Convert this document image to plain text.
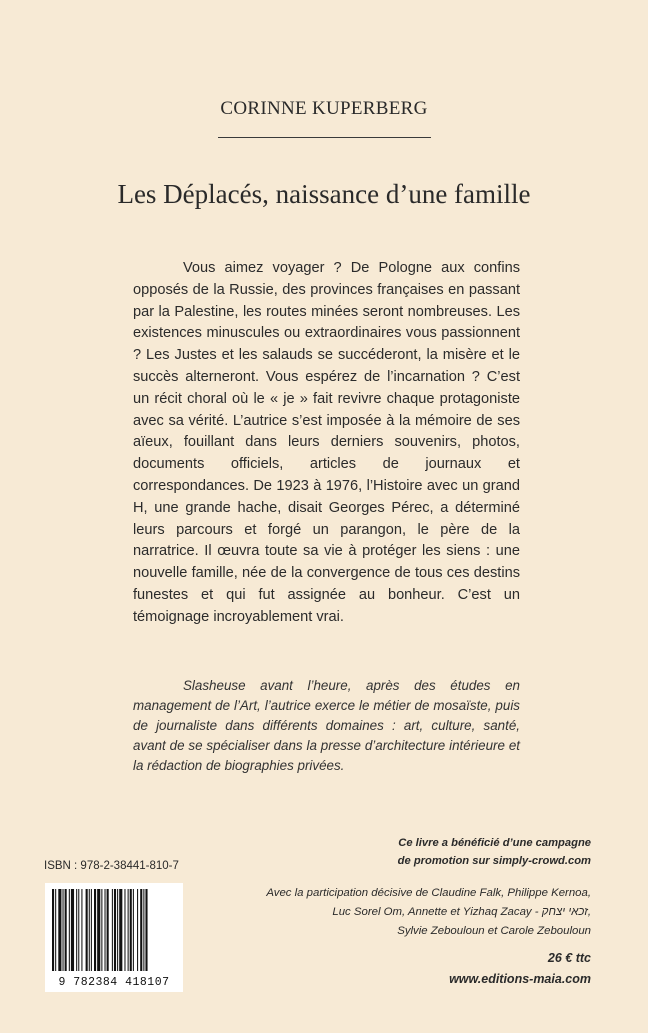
CORINNE KUPERBERG
Les Déplacés, naissance d’une famille

Vous aimez voyager ? De Pologne aux confins opposés de la Russie, des provinces françaises en passant par la Palestine, les routes minées seront nombreuses. Les existences minuscules ou extraordinaires vous passionnent ? Les Justes et les salauds se succéderont, la misère et le succès alterneront. Vous espérez de l’incarnation ? C’est un récit choral où le « je » fait revivre chaque protagoniste avec sa vérité. L’autrice s’est imposée à la mémoire de ses aïeux, fouillant dans leurs derniers souvenirs, photos, documents officiels, articles de journaux et correspondances. De 1923 à 1976, l’Histoire avec un grand H, une grande hache, disait Georges Pérec, a déterminé leurs parcours et forgé un parangon, le père de la narratrice. Il œuvra toute sa vie à protéger les siens : une nouvelle famille, née de la convergence de tous ces destins funestes et qui fut assignée au bonheur. C’est un témoignage incroyablement vrai.

Slasheuse avant l’heure, après des études en management de l’Art, l’autrice exerce le métier de mosaïste, puis de journaliste dans différents domaines : art, culture, santé, avant de se spécialiser dans la presse d’architecture intérieure et la rédaction de biographies privées.

Ce livre a bénéficié d’une campagne
de promotion sur simply-crowd.com
Avec la participation décisive de Claudine Falk, Philippe Kernoa,
Luc Sorel Om, Annette et Yizhaq Zacay - זכאי יצחק,
Sylvie Zebouloun et Carole Zebouloun
26 € ttc
www.editions-maia.com
ISBN : 978-2-38441-810-7
9 782384 418107
